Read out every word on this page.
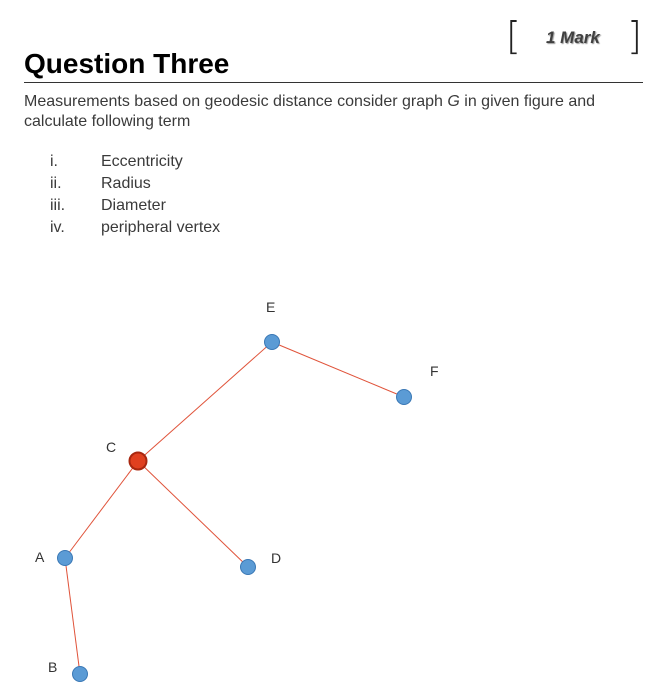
[ 1 Mark ]
Question Three

Measurements based on geodesic distance consider graph G in given figure and calculate following term

i.	Eccentricity
ii. Radius
iii. Diameter
iv. peripheral vertex
A
B
C
D
E
F
